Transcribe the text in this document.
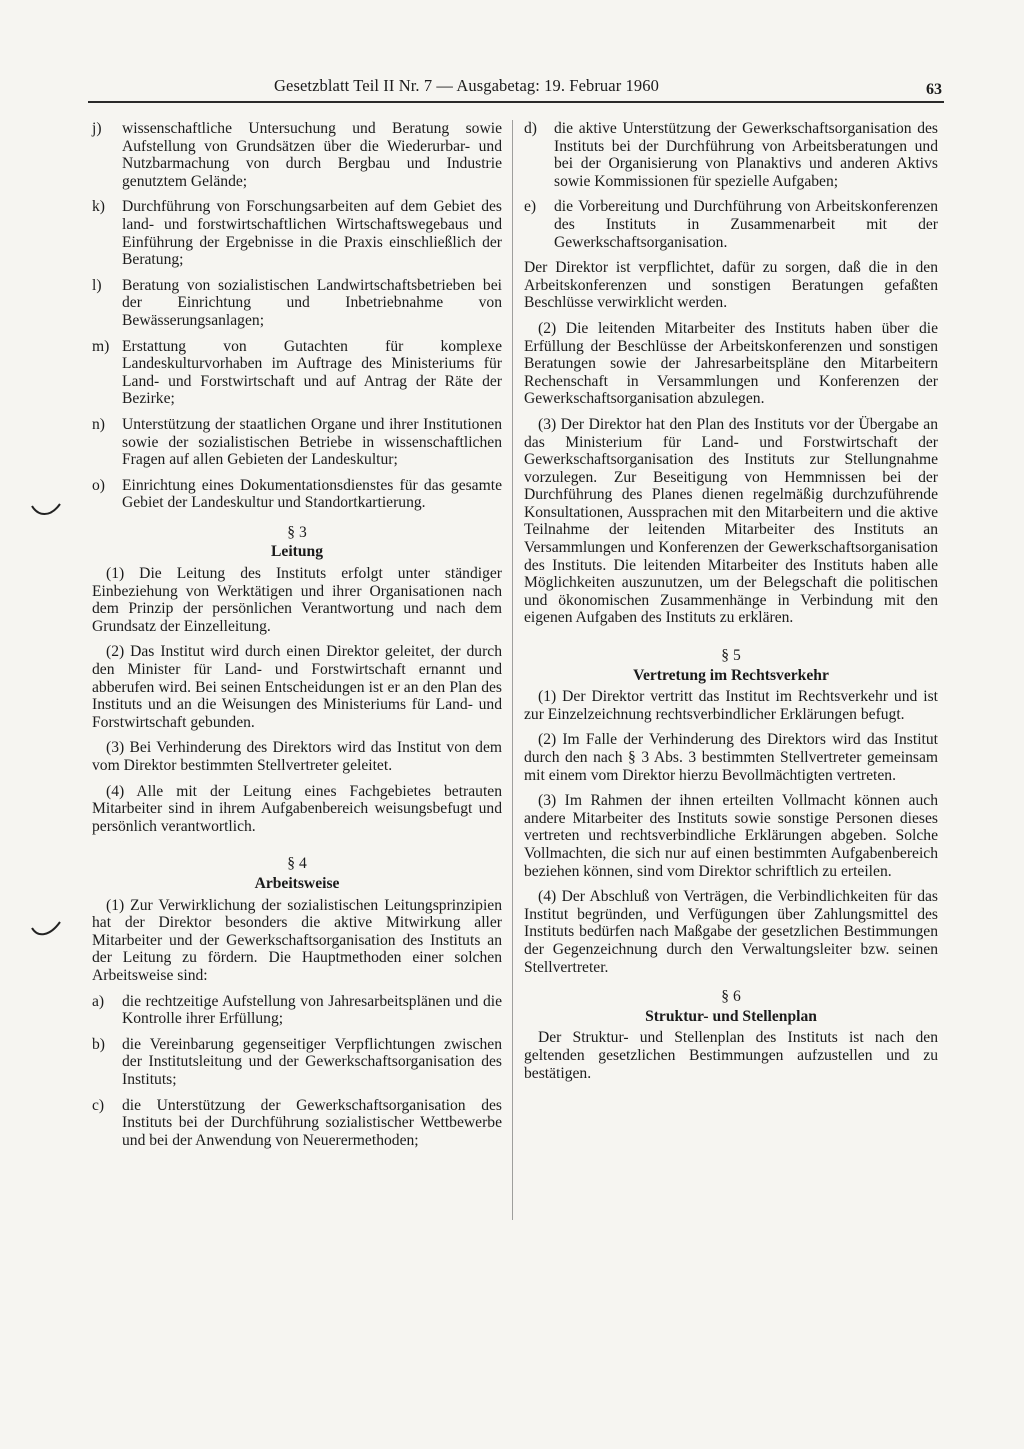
Gesetzblatt Teil II Nr. 7 — Ausgabetag: 19. Februar 1960	63
j)	wissenschaftliche Untersuchung und Beratung sowie Aufstellung von Grundsätzen über die Wiederurbar- und Nutzbarmachung von durch Bergbau und Industrie genutztem Gelände;
k)	Durchführung von Forschungsarbeiten auf dem Gebiet des land- und forstwirtschaftlichen Wirtschaftswegebaus und Einführung der Ergebnisse in die Praxis einschließlich der Beratung;
l)	Beratung von sozialistischen Landwirtschaftsbetrieben bei der Einrichtung und Inbetriebnahme von Bewässerungsanlagen;
m) Erstattung von Gutachten für komplexe Landeskulturvorhaben im Auftrage des Ministeriums für Land- und Forstwirtschaft und auf Antrag der Räte der Bezirke;
n)	Unterstützung der staatlichen Organe und ihrer Institutionen sowie der sozialistischen Betriebe in wissenschaftlichen Fragen auf allen Gebieten der Landeskultur;
o)	Einrichtung eines Dokumentationsdienstes für das gesamte Gebiet der Landeskultur und Standortkartierung.
§ 3
Leitung

(1) Die Leitung des Instituts erfolgt unter ständiger Einbeziehung von Werktätigen und ihrer Organisationen nach dem Prinzip der persönlichen Verantwortung und nach dem Grundsatz der Einzelleitung.

(2) Das Institut wird durch einen Direktor geleitet, der durch den Minister für Land- und Forstwirtschaft ernannt und abberufen wird. Bei seinen Entscheidungen ist er an den Plan des Instituts und an die Weisungen des Ministeriums für Land- und Forstwirtschaft gebunden.

(3) Bei Verhinderung des Direktors wird das Institut von dem vom Direktor bestimmten Stellvertreter geleitet.

(4) Alle mit der Leitung eines Fachgebietes betrauten Mitarbeiter sind in ihrem Aufgabenbereich weisungsbefugt und persönlich verantwortlich.

§ 4
Arbeitsweise

(1) Zur Verwirklichung der sozialistischen Leitungsprinzipien hat der Direktor besonders die aktive Mitwirkung aller Mitarbeiter und der Gewerkschaftsorganisation des Instituts an der Leitung zu fördern. Die Hauptmethoden einer solchen Arbeitsweise sind:

a)	die rechtzeitige Aufstellung von Jahresarbeitsplänen und die Kontrolle ihrer Erfüllung;
b)	die Vereinbarung gegenseitiger Verpflichtungen zwischen der Institutsleitung und der Gewerkschaftsorganisation des Instituts;
c)	die Unterstützung der Gewerkschaftsorganisation des Instituts bei der Durchführung sozialistischer Wettbewerbe und bei der Anwendung von Neuerermethoden;
d)	die aktive Unterstützung der Gewerkschaftsorganisation des Instituts bei der Durchführung von Arbeitsberatungen und bei der Organisierung von Planaktivs und anderen Aktivs sowie Kommissionen für spezielle Aufgaben;
e)	die Vorbereitung und Durchführung von Arbeitskonferenzen des Instituts in Zusammenarbeit mit der Gewerkschaftsorganisation.

Der Direktor ist verpflichtet, dafür zu sorgen, daß die in den Arbeitskonferenzen und sonstigen Beratungen gefaßten Beschlüsse verwirklicht werden.

(2) Die leitenden Mitarbeiter des Instituts haben über die Erfüllung der Beschlüsse der Arbeitskonferenzen und sonstigen Beratungen sowie der Jahresarbeitspläne den Mitarbeitern Rechenschaft in Versammlungen und Konferenzen der Gewerkschaftsorganisation abzulegen.

(3) Der Direktor hat den Plan des Instituts vor der Übergabe an das Ministerium für Land- und Forstwirtschaft der Gewerkschaftsorganisation des Instituts zur Stellungnahme vorzulegen. Zur Beseitigung von Hemmnissen bei der Durchführung des Planes dienen regelmäßig durchzuführende Konsultationen, Aussprachen mit den Mitarbeitern und die aktive Teilnahme der leitenden Mitarbeiter des Instituts an Versammlungen und Konferenzen der Gewerkschaftsorganisation des Instituts. Die leitenden Mitarbeiter des Instituts haben alle Möglichkeiten auszunutzen, um der Belegschaft die politischen und ökonomischen Zusammenhänge in Verbindung mit den eigenen Aufgaben des Instituts zu erklären.

§ 5
Vertretung im Rechtsverkehr

(1) Der Direktor vertritt das Institut im Rechtsverkehr und ist zur Einzelzeichnung rechtsverbindlicher Erklärungen befugt.

(2) Im Falle der Verhinderung des Direktors wird das Institut durch den nach § 3 Abs. 3 bestimmten Stellvertreter gemeinsam mit einem vom Direktor hierzu Bevollmächtigten vertreten.

(3) Im Rahmen der ihnen erteilten Vollmacht können auch andere Mitarbeiter des Instituts sowie sonstige Personen dieses vertreten und rechtsverbindliche Erklärungen abgeben. Solche Vollmachten, die sich nur auf einen bestimmten Aufgabenbereich beziehen können, sind vom Direktor schriftlich zu erteilen.

(4) Der Abschluß von Verträgen, die Verbindlichkeiten für das Institut begründen, und Verfügungen über Zahlungsmittel des Instituts bedürfen nach Maßgabe der gesetzlichen Bestimmungen der Gegenzeichnung durch den Verwaltungsleiter bzw. seinen Stellvertreter.

§ 6
Struktur- und Stellenplan

Der Struktur- und Stellenplan des Instituts ist nach den geltenden gesetzlichen Bestimmungen aufzustellen und zu bestätigen.
